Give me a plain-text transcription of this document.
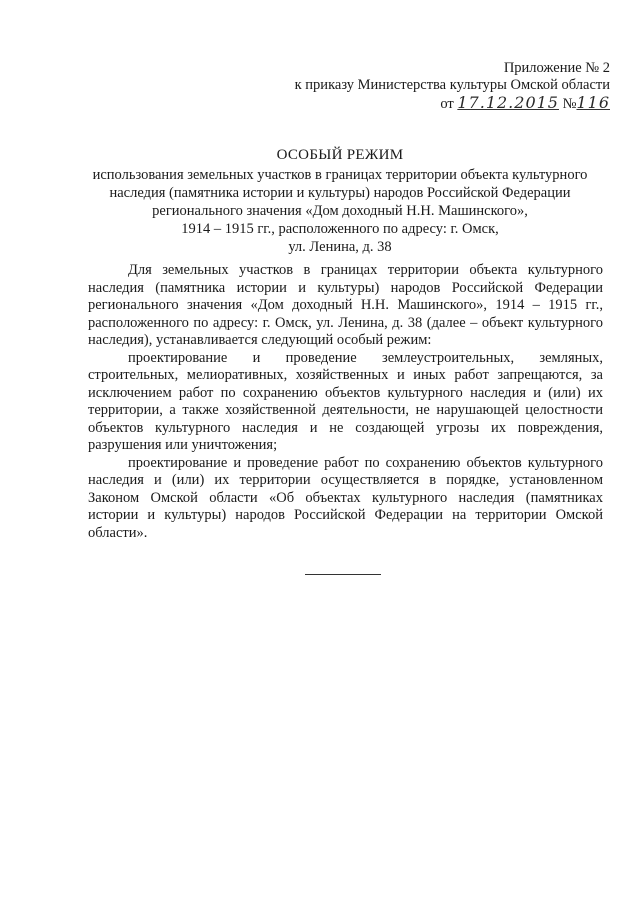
Приложение № 2
к приказу Министерства культуры Омской области
от 17.12.2015 №116
ОСОБЫЙ РЕЖИМ
использования земельных участков в границах территории объекта культурного
наследия (памятника истории и культуры) народов Российской Федерации
регионального значения «Дом доходный Н.Н. Машинского»,
1914 – 1915 гг., расположенного по адресу: г. Омск,
ул. Ленина, д. 38

Для земельных участков в границах территории объекта культурного наследия (памятника истории и культуры) народов Российской Федерации регионального значения «Дом доходный Н.Н. Машинского», 1914 – 1915 гг., расположенного по адресу: г. Омск, ул. Ленина, д. 38 (далее – объект культурного наследия), устанавливается следующий особый режим:

проектирование и проведение землеустроительных, земляных, строительных, мелиоративных, хозяйственных и иных работ запрещаются, за исключением работ по сохранению объектов культурного наследия и (или) их территории, а также хозяйственной деятельности, не нарушающей целостности объектов культурного наследия и не создающей угрозы их повреждения, разрушения или уничтожения;

проектирование и проведение работ по сохранению объектов культурного наследия и (или) их территории осуществляется в порядке, установленном Законом Омской области «Об объектах культурного наследия (памятниках истории и культуры) народов Российской Федерации на территории Омской области».
